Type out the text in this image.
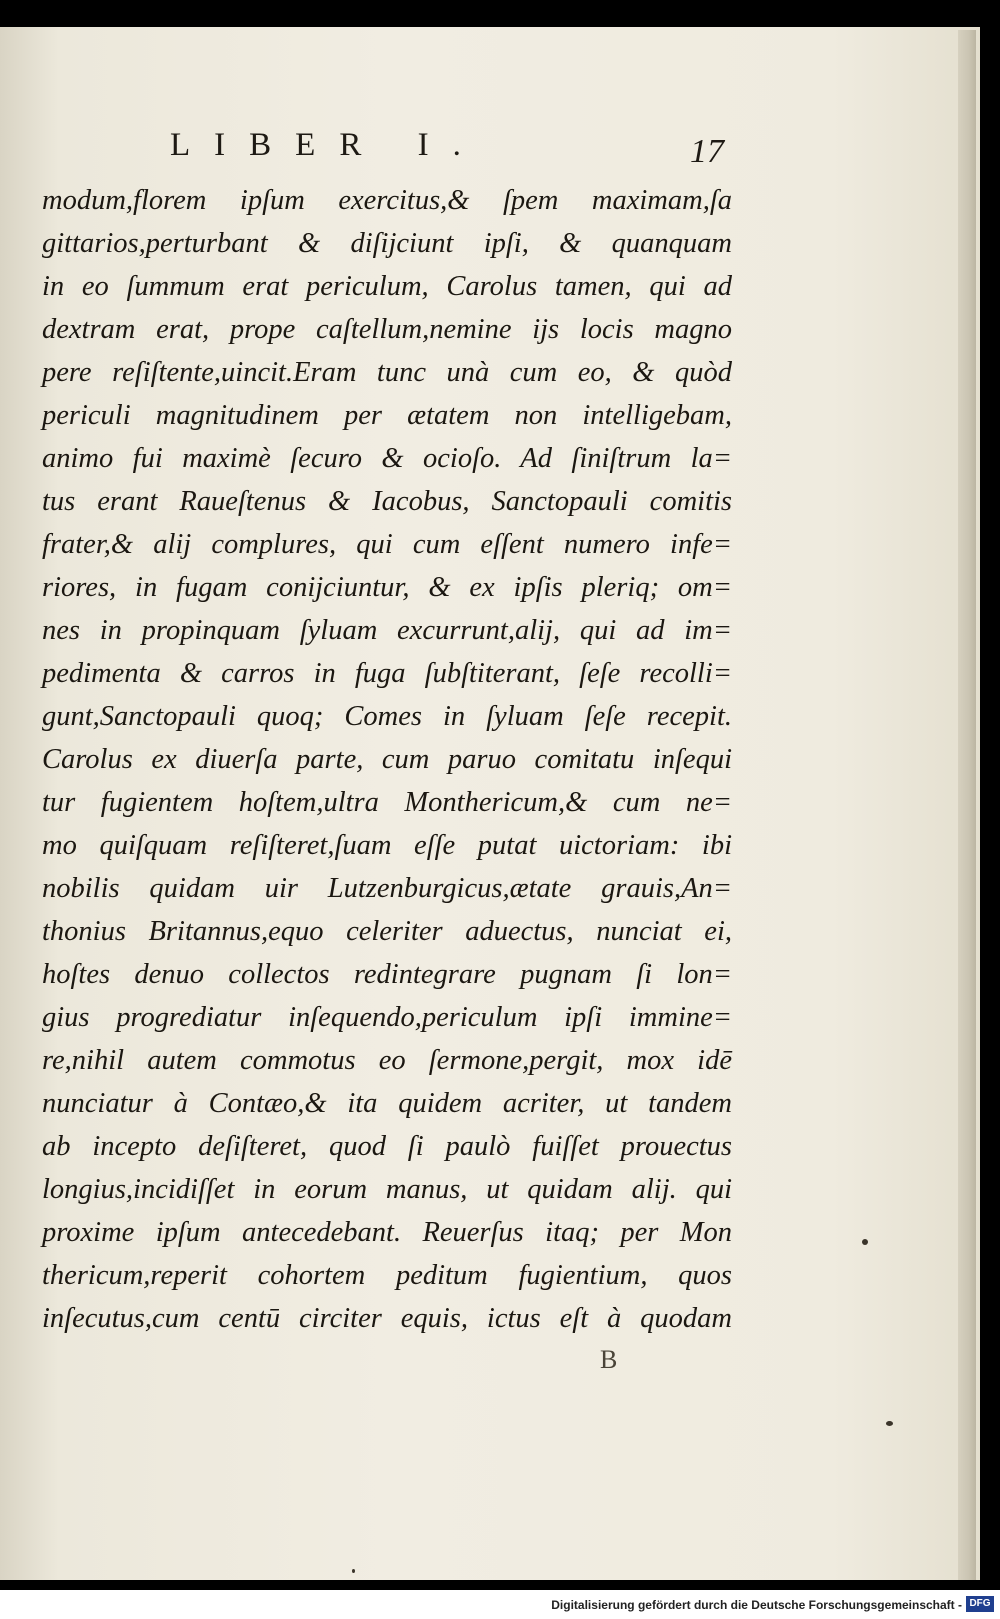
LIBER I.	17
modum,florem ipſum exercitus,& ſpem maximam,ſa
gittarios,perturbant & diſijciunt ipſi, & quanquam
in eo ſummum erat periculum, Carolus tamen, qui ad
dextram erat, prope caſtellum,nemine ijs locis magno
pere reſiſtente,uincit.Eram tunc unà cum eo, & quòd
periculi magnitudinem per ætatem non intelligebam,
animo fui maximè ſecuro & ocioſo. Ad ſiniſtrum la=
tus erant Raueſtenus & Iacobus, Sanctopauli comitis
frater,& alij complures, qui cum eſſent numero infe=
riores, in fugam conijciuntur, & ex ipſis pleriq; om=
nes in propinquam ſyluam excurrunt,alij, qui ad im=
pedimenta & carros in fuga ſubſtiterant, ſeſe recolli=
gunt,Sanctopauli quoq; Comes in ſyluam ſeſe recepit.
Carolus ex diuerſa parte, cum paruo comitatu inſequi
tur fugientem hoſtem,ultra Monthericum,& cum ne=
mo quiſquam reſiſteret,ſuam eſſe putat uictoriam: ibi
nobilis quidam uir Lutzenburgicus,ætate grauis,An=
thonius Britannus,equo celeriter aduectus, nunciat ei,
hoſtes denuo collectos redintegrare pugnam ſi lon=
gius progrediatur inſequendo,periculum ipſi immine=
re,nihil autem commotus eo ſermone,pergit, mox idē
nunciatur à Contæo,& ita quidem acriter, ut tandem
ab incepto deſiſteret, quod ſi paulò fuiſſet prouectus
longius,incidiſſet in eorum manus, ut quidam alij. qui
proxime ipſum antecedebant. Reuerſus itaq; per Mon
thericum,reperit cohortem peditum fugientium, quos
inſecutus,cum centū circiter equis, ictus eſt à quodam
B
Digitalisierung gefördert durch die Deutsche Forschungsgemeinschaft - DFG
